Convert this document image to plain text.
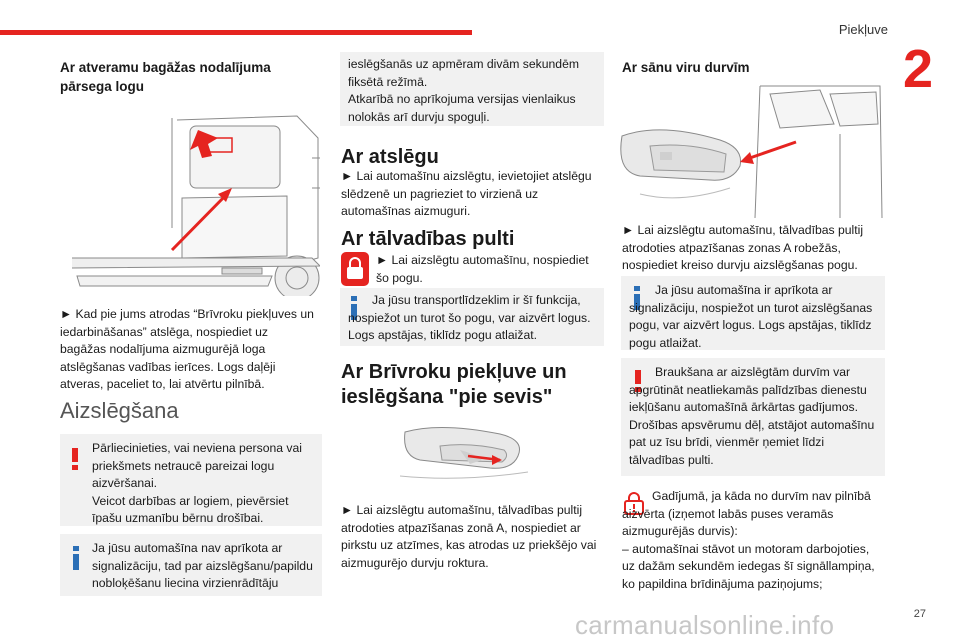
Piekļuve
2
Ar atveramu bagāžas nodalījuma pārsega logu
► Kad pie jums atrodas “Brīvroku piekļuves un iedarbināšanas” atslēga, nospiediet uz bagāžas nodalījuma aizmugurējā loga atslēgšanas vadības ierīces. Logs daļēji atveras, paceliet to, lai atvērtu pilnībā.
Aizslēgšana

Pārliecinieties, vai neviena persona vai priekšmets netraucē pareizai logu aizvēršanai.
Veicot darbības ar logiem, pievērsiet īpašu uzmanību bērnu drošībai.

Ja jūsu automašīna nav aprīkota ar signalizāciju, tad par aizslēgšanu/papildu nobloķēšanu liecina virzienrādītāju

ieslēgšanās uz apmēram divām sekundēm fiksētā režīmā.
Atkarībā no aprīkojuma versijas vienlaikus nolokās arī durvju spoguļi.

Ar atslēgu
► Lai automašīnu aizslēgtu, ievietojiet atslēgu slēdzenē un pagrieziet to virzienā uz automašīnas aizmuguri.
Ar tālvadības pulti
► Lai aizslēgtu automašīnu, nospiediet šo pogu.

Ja jūsu transportlīdzeklim ir šī funkcija, nospiežot un turot šo pogu, var aizvērt logus. Logs apstājas, tiklīdz pogu atlaižat.

Ar Brīvroku piekļuve un ieslēgšana "pie sevis"
► Lai aizslēgtu automašīnu, tālvadības pultij atrodoties atpazīšanas zonā A, nospiediet ar pirkstu uz atzīmes, kas atrodas uz priekšējo vai aizmugurējo durvju roktura.
Ar sānu viru durvīm
► Lai aizslēgtu automašīnu, tālvadības pultij atrodoties atpazīšanas zonas A robežās, nospiediet kreiso durvju aizslēgšanas pogu.

Ja jūsu automašīna ir aprīkota ar signalizāciju, nospiežot un turot aizslēgšanas pogu, var aizvērt logus. Logs apstājas, tiklīdz pogu atlaižat.

Braukšana ar aizslēgtām durvīm var apgrūtināt neatliekamās palīdzības dienestu iekļūšanu automašīnā ārkārtas gadījumos.
Drošības apsvērumu dēļ, atstājot automašīnu pat uz īsu brīdi, vienmēr ņemiet līdzi tālvadības pulti.

Gadījumā, ja kāda no durvīm nav pilnībā aizvērta (izņemot labās puses veramās aizmugurējās durvis):
– automašīnai stāvot un motoram darbojoties,
uz dažām sekundēm iedegas šī signāllampiņa, ko papildina brīdinājuma paziņojums;
27
carmanualsonline.info
